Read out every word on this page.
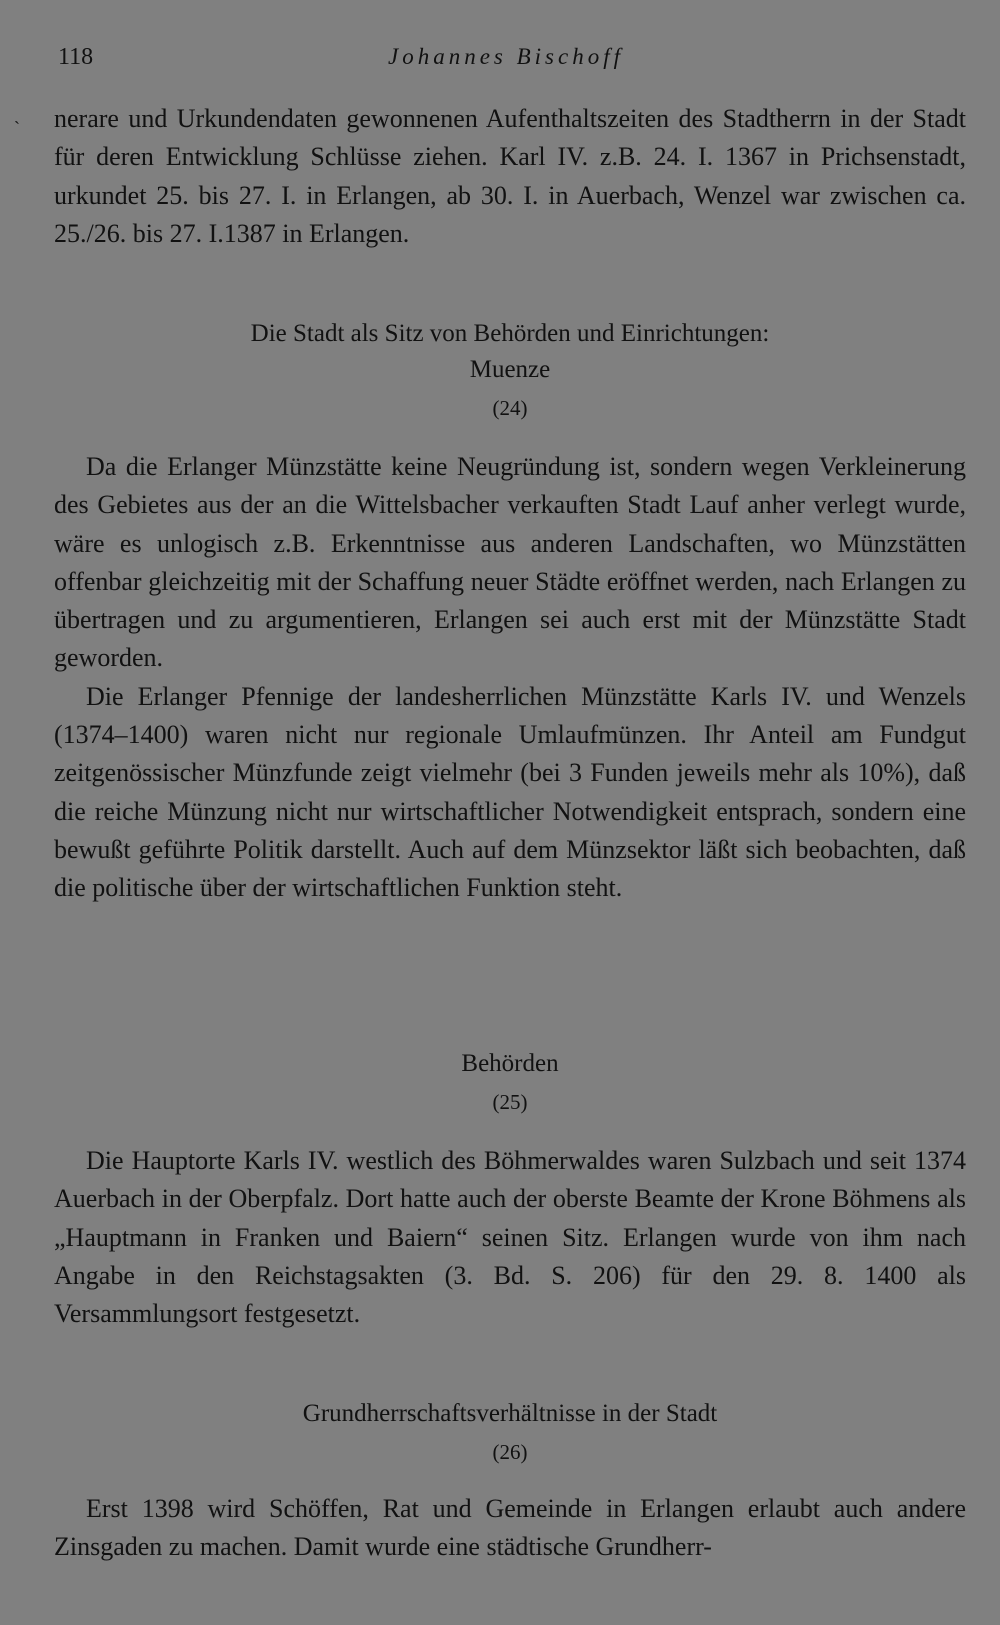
118	Johannes Bischoff
` nerare und Urkundendaten gewonnenen Aufenthaltszeiten des Stadtherrn in der Stadt für deren Entwicklung Schlüsse ziehen. Karl IV. z.B. 24. I. 1367 in Prichsenstadt, urkundet 25. bis 27. I. in Erlangen, ab 30. I. in Auerbach, Wenzel war zwischen ca. 25./26. bis 27. I.1387 in Erlangen.

Die Stadt als Sitz von Behörden und Einrichtungen:
Muenze
(24)

Da die Erlanger Münzstätte keine Neugründung ist, sondern wegen Verkleinerung des Gebietes aus der an die Wittelsbacher verkauften Stadt Lauf anher verlegt wurde, wäre es unlogisch z.B. Erkenntnisse aus anderen Landschaften, wo Münzstätten offenbar gleichzeitig mit der Schaffung neuer Städte eröffnet werden, nach Erlangen zu übertragen und zu argumentieren, Erlangen sei auch erst mit der Münzstätte Stadt geworden.

Die Erlanger Pfennige der landesherrlichen Münzstätte Karls IV. und Wenzels (1374–1400) waren nicht nur regionale Umlaufmünzen. Ihr Anteil am Fundgut zeitgenössischer Münzfunde zeigt vielmehr (bei 3 Funden jeweils mehr als 10%), daß die reiche Münzung nicht nur wirtschaftlicher Notwendigkeit entsprach, sondern eine bewußt geführte Politik darstellt. Auch auf dem Münzsektor läßt sich beobachten, daß die politische über der wirtschaftlichen Funktion steht.

Behörden
(25)

Die Hauptorte Karls IV. westlich des Böhmerwaldes waren Sulzbach und seit 1374 Auerbach in der Oberpfalz. Dort hatte auch der oberste Beamte der Krone Böhmens als „Hauptmann in Franken und Baiern“ seinen Sitz. Erlangen wurde von ihm nach Angabe in den Reichstagsakten (3. Bd. S. 206) für den 29. 8. 1400 als Versammlungsort festgesetzt.

Grundherrschaftsverhältnisse in der Stadt
(26)

Erst 1398 wird Schöffen, Rat und Gemeinde in Erlangen erlaubt auch andere Zinsgaden zu machen. Damit wurde eine städtische Grundherr-
